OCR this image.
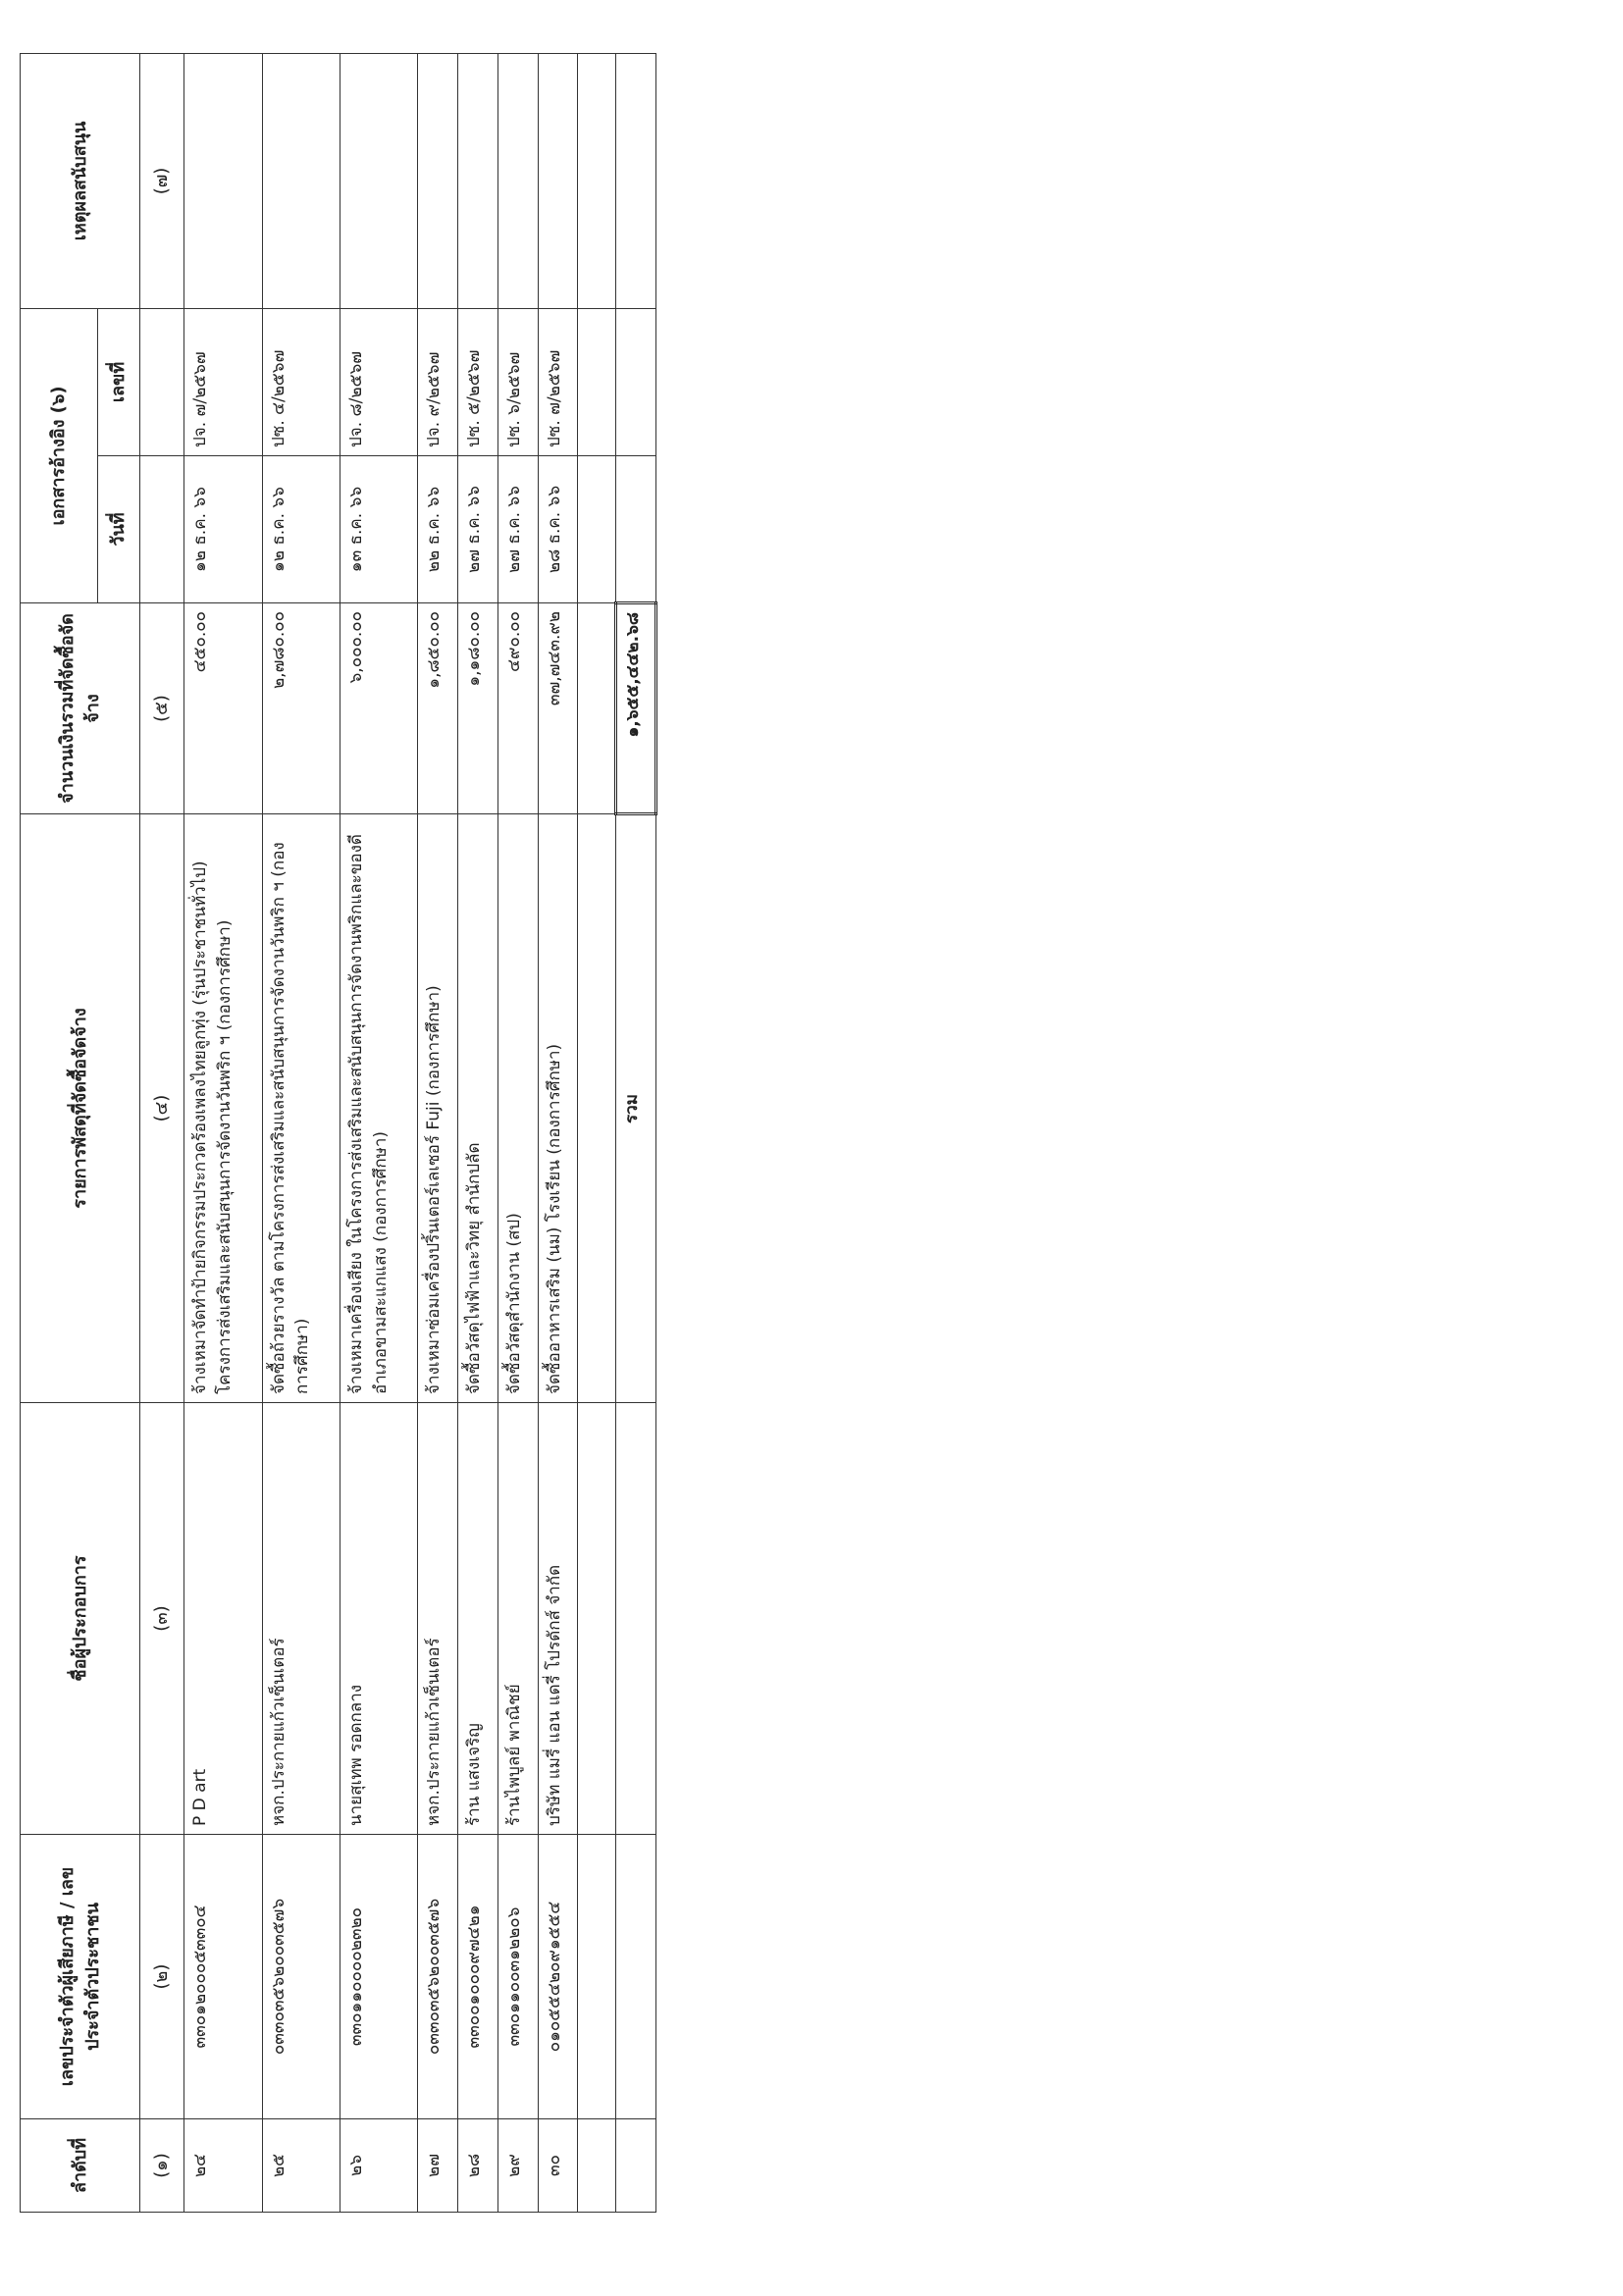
ลำดับที่	เลขประจำตัวผู้เสียภาษี / เลขประจำตัวประชาชน	ชื่อผู้ประกอบการ	รายการพัสดุที่จัดซื้อจัดจ้าง	จำนวนเงินรวมที่จัดซื้อจัดจ้าง	เอกสารอ้างอิง (๖)		เหตุผลสนับสนุน
					วันที่	เลขที่	
(๑)	(๒)	(๓)	(๔)	(๕)			(๗)
๒๔	๓๓๐๑๒๐๐๐๕๓๓๐๔	P D art	จ้างเหมาจัดทำป้ายกิจกรรมประกวดร้องเพลงไทยลูกทุ่ง (รุ่นประชาชนทั่วไป) โครงการส่งเสริมและสนับสนุนการจัดงานวันพริก ฯ (กองการศึกษา)	๔๕๐.๐๐	๑๒ ธ.ค. ๖๖	ปจ. ๗/๒๕๖๗	
๒๕	๐๓๓๐๓๕๖๒๐๐๓๕๗๖	หจก.ประกายแก้วเซ็นเตอร์	จัดซื้อถ้วยรางวัล ตามโครงการส่งเสริมและสนับสนุนการจัดงานวันพริก ฯ (กองการศึกษา)	๒,๗๘๐.๐๐	๑๒ ธ.ค. ๖๖	ปซ. ๔/๒๕๖๗	
๒๖	๓๓๐๑๑๐๐๐๐๒๓๒๐	นายสุเทพ รอดกลาง	จ้างเหมาเครื่องเสียง ในโครงการส่งเสริมและสนับสนุนการจัดงานพริกและของดีอำเภอขามสะแกแสง (กองการศึกษา)	๖,๐๐๐.๐๐	๑๓ ธ.ค. ๖๖	ปจ. ๘/๒๕๖๗	
๒๗	๐๓๓๐๓๕๖๒๐๐๓๕๗๖	หจก.ประกายแก้วเซ็นเตอร์	จ้างเหมาซ่อมเครื่องปริ้นเตอร์เลเซอร์ Fuji (กองการศึกษา)	๑,๘๕๐.๐๐	๒๒ ธ.ค. ๖๖	ปจ. ๙/๒๕๖๗	
๒๘	๓๓๐๐๑๐๐๐๙๗๔๒๑	ร้าน แสงเจริญ	จัดซื้อวัสดุไฟฟ้าและวิทยุ สำนักปลัด	๑,๑๘๐.๐๐	๒๗ ธ.ค. ๖๖	ปซ. ๕/๒๕๖๗	
๒๙	๓๓๐๑๑๐๐๓๑๒๒๐๖	ร้านไพบูลย์ พาณิชย์	จัดซื้อวัสดุสำนักงาน (สป)	๔๙๐.๐๐	๒๗ ธ.ค. ๖๖	ปซ. ๖/๒๕๖๗	
๓๐	๐๑๐๕๕๔๒๐๙๑๕๕๔	บริษัท แมรี่ แอน แดรี่ โปรดักส์ จำกัด	จัดซื้ออาหารเสริม (นม) โรงเรียน (กองการศึกษา)	๓๗,๗๔๓.๙๒	๒๘ ธ.ค. ๖๖	ปซ. ๗/๒๕๖๗	

			รวม	๑,๖๕๕,๔๔๒.๖๘			
